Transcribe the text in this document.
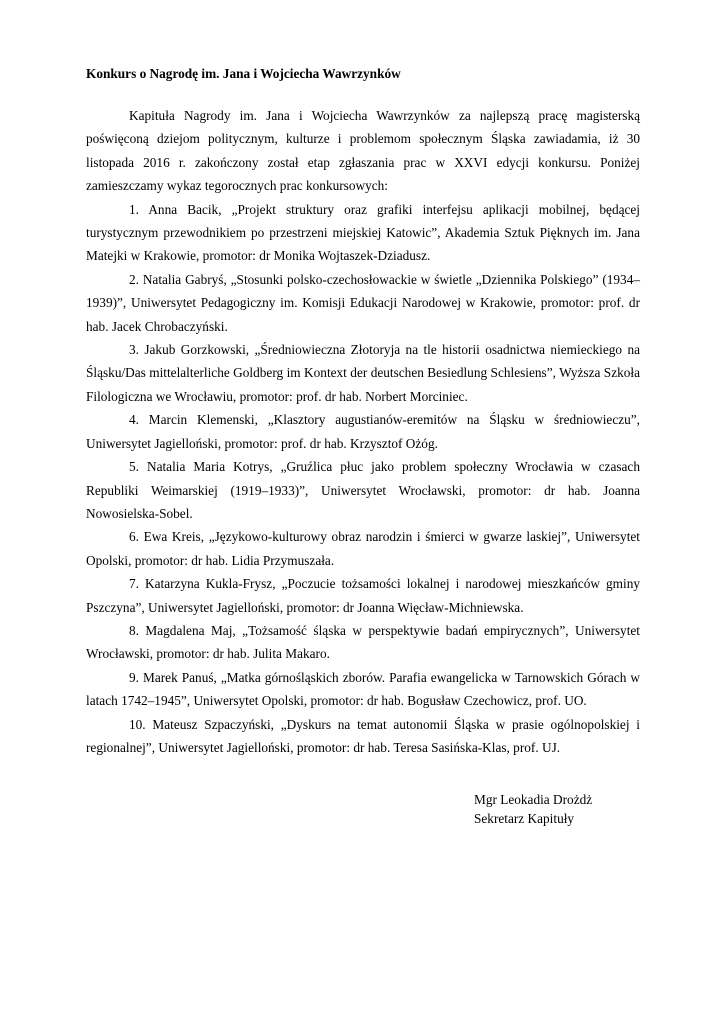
Konkurs o Nagrodę im. Jana i Wojciecha Wawrzynków

Kapituła Nagrody im. Jana i Wojciecha Wawrzynków za najlepszą pracę magisterską poświęconą dziejom politycznym, kulturze i problemom społecznym Śląska zawiadamia, iż 30 listopada 2016 r. zakończony został etap zgłaszania prac w XXVI edycji konkursu. Poniżej zamieszczamy wykaz tegorocznych prac konkursowych:

1. Anna Bacik, „Projekt struktury oraz grafiki interfejsu aplikacji mobilnej, będącej turystycznym przewodnikiem po przestrzeni miejskiej Katowic”, Akademia Sztuk Pięknych im. Jana Matejki w Krakowie, promotor: dr Monika Wojtaszek-Dziadusz.

2. Natalia Gabryś, „Stosunki polsko-czechosłowackie w świetle „Dziennika Polskiego” (1934–1939)”, Uniwersytet Pedagogiczny im. Komisji Edukacji Narodowej w Krakowie, promotor: prof. dr hab. Jacek Chrobaczyński.

3. Jakub Gorzkowski, „Średniowieczna Złotoryja na tle historii osadnictwa niemieckiego na Śląsku/Das mittelalterliche Goldberg im Kontext der deutschen Besiedlung Schlesiens”, Wyższa Szkoła Filologiczna we Wrocławiu, promotor: prof. dr hab. Norbert Morciniec.

4. Marcin Klemenski, „Klasztory augustianów-eremitów na Śląsku w średniowieczu”, Uniwersytet Jagielloński, promotor: prof. dr hab. Krzysztof Ożóg.

5. Natalia Maria Kotrys, „Gruźlica płuc jako problem społeczny Wrocławia w czasach Republiki Weimarskiej (1919–1933)”, Uniwersytet Wrocławski, promotor: dr hab. Joanna Nowosielska-Sobel.

6. Ewa Kreis, „Językowo-kulturowy obraz narodzin i śmierci w gwarze laskiej”, Uniwersytet Opolski, promotor: dr hab. Lidia Przymuszała.

7. Katarzyna Kukla-Frysz, „Poczucie tożsamości lokalnej i narodowej mieszkańców gminy Pszczyna”, Uniwersytet Jagielloński, promotor: dr Joanna Więcław-Michniewska.

8. Magdalena Maj, „Tożsamość śląska w perspektywie badań empirycznych”, Uniwersytet Wrocławski, promotor: dr hab. Julita Makaro.

9. Marek Panuś, „Matka górnośląskich zborów. Parafia ewangelicka w Tarnowskich Górach w latach 1742–1945”, Uniwersytet Opolski, promotor: dr hab. Bogusław Czechowicz, prof. UO.

10. Mateusz Szpaczyński, „Dyskurs na temat autonomii Śląska w prasie ogólnopolskiej i regionalnej”, Uniwersytet Jagielloński, promotor: dr hab. Teresa Sasińska-Klas, prof. UJ.

Mgr Leokadia Drożdż
Sekretarz Kapituły
